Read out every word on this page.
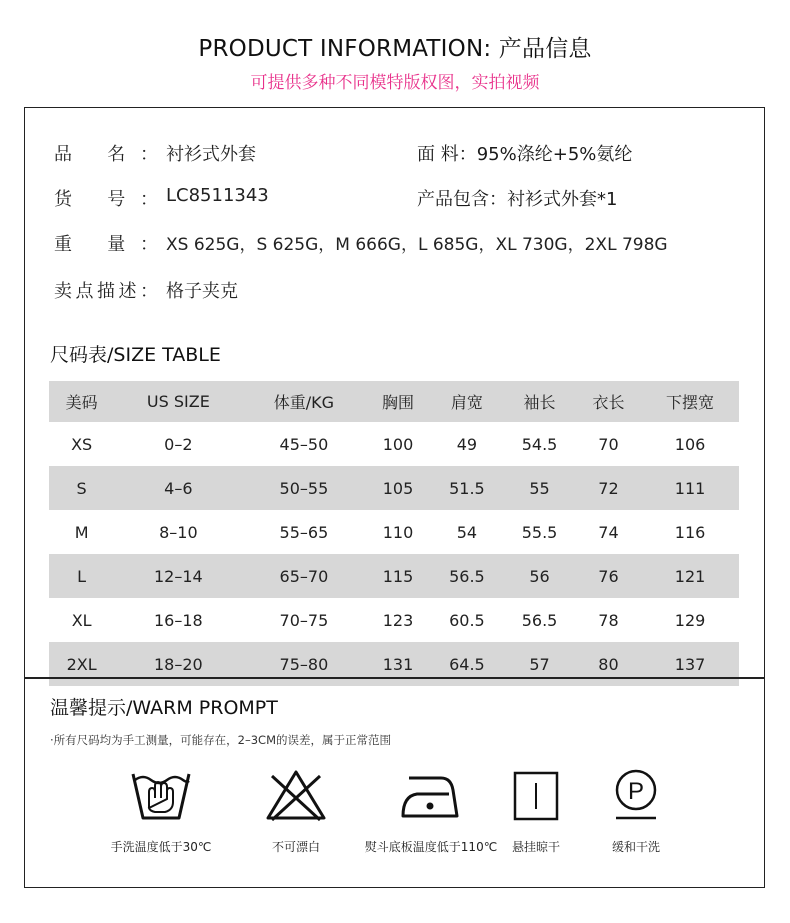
PRODUCT INFORMATION: 产品信息
可提供多种不同模特版权图，实拍视频
品 名： 衬衫式外套	面 料： 95%涤纶+5%氨纶
货 号： LC8511343	产品包含： 衬衫式外套*1
重 量： XS 625G，S 625G，M 666G，L 685G，XL 730G，2XL 798G
卖点描述： 格子夹克
尺码表/SIZE TABLE
美码	US SIZE	体重/KG	胸围	肩宽	袖长	衣长	下摆宽
XS	0–2	45–50	100	49	54.5	70	106
S	4–6	50–55	105	51.5	55	72	111
M	8–10	55–65	110	54	55.5	74	116
L	12–14	65–70	115	56.5	56	76	121
XL	16–18	70–75	123	60.5	56.5	78	129
2XL	18–20	75–80	131	64.5	57	80	137
温馨提示/WARM PROMPT
·所有尺码均为手工测量，可能存在，2–3CM的误差，属于正常范围
手洗温度低于30℃	不可漂白	熨斗底板温度低于110℃	悬挂晾干
P
缓和干洗
